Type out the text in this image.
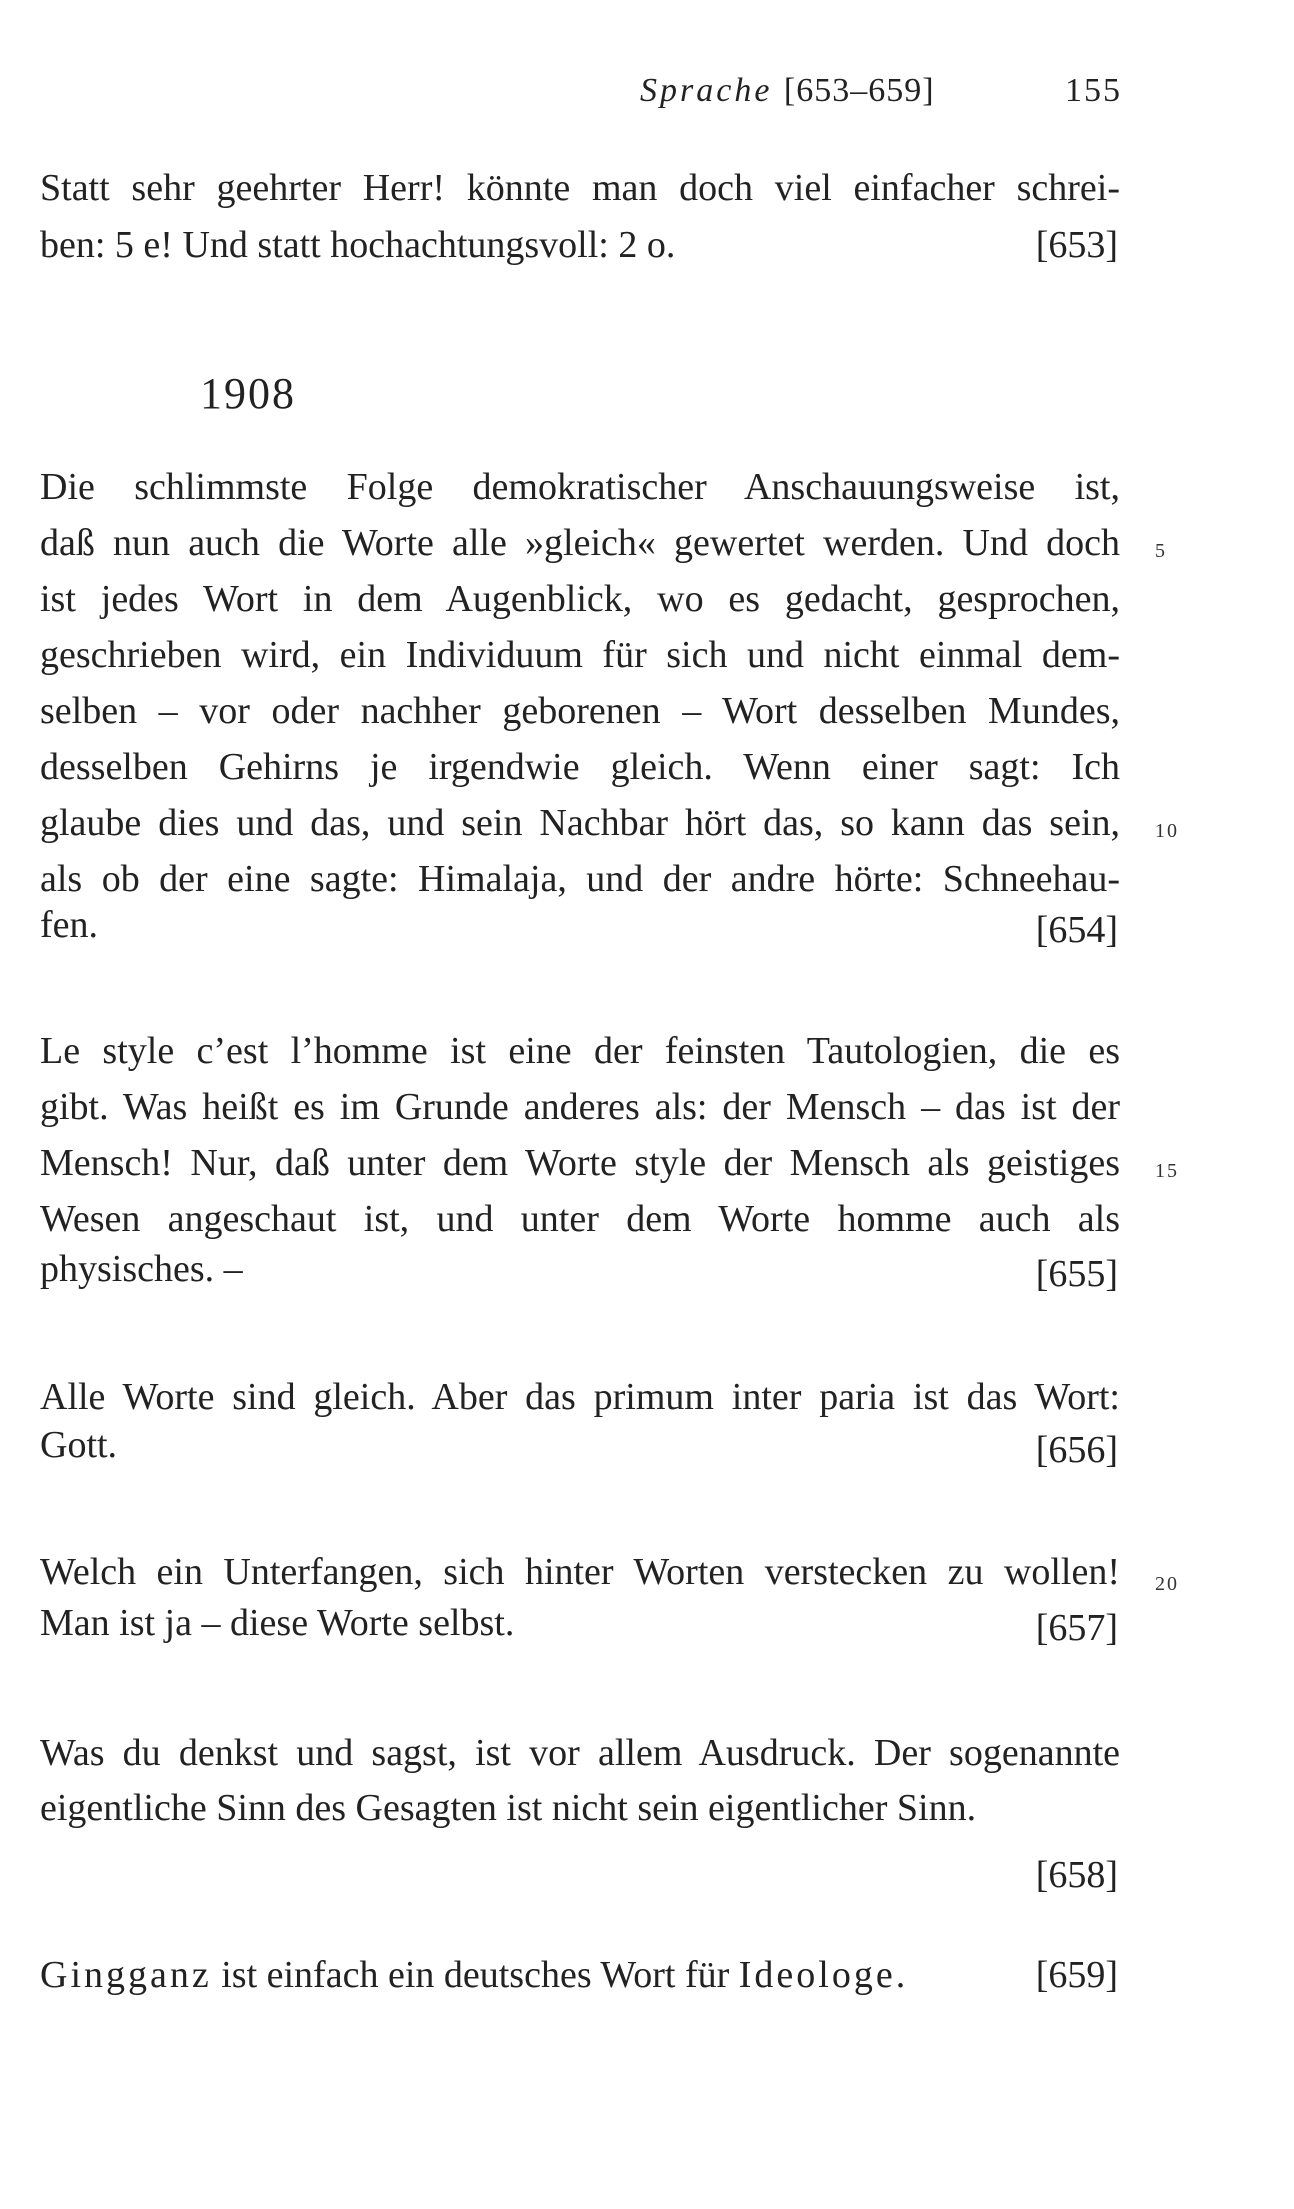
Sprache [653–659]	155
Statt sehr geehrter Herr! könnte man doch viel einfacher schrei-
ben: 5 e! Und statt hochachtungsvoll: 2 o.	[653]
1908
Die schlimmste Folge demokratischer Anschauungsweise ist,
daß nun auch die Worte alle »gleich« gewertet werden. Und doch
ist jedes Wort in dem Augenblick, wo es gedacht, gesprochen,
geschrieben wird, ein Individuum für sich und nicht einmal dem-
selben – vor oder nachher geborenen – Wort desselben Mundes,
desselben Gehirns je irgendwie gleich. Wenn einer sagt: Ich
glaube dies und das, und sein Nachbar hört das, so kann das sein,
als ob der eine sagte: Himalaja, und der andre hörte: Schneehau-
fen.	[654]
Le style c’est l’homme ist eine der feinsten Tautologien, die es
gibt. Was heißt es im Grunde anderes als: der Mensch – das ist der
Mensch! Nur, daß unter dem Worte style der Mensch als geistiges
Wesen angeschaut ist, und unter dem Worte homme auch als
physisches. –	[655]
Alle Worte sind gleich. Aber das primum inter paria ist das Wort:
Gott.	[656]
Welch ein Unterfangen, sich hinter Worten verstecken zu wollen!
Man ist ja – diese Worte selbst.	[657]
Was du denkst und sagst, ist vor allem Ausdruck. Der sogenannte
eigentliche Sinn des Gesagten ist nicht sein eigentlicher Sinn.
[658]
Gingganz ist einfach ein deutsches Wort für Ideologe.	[659]
5
10
15
20
